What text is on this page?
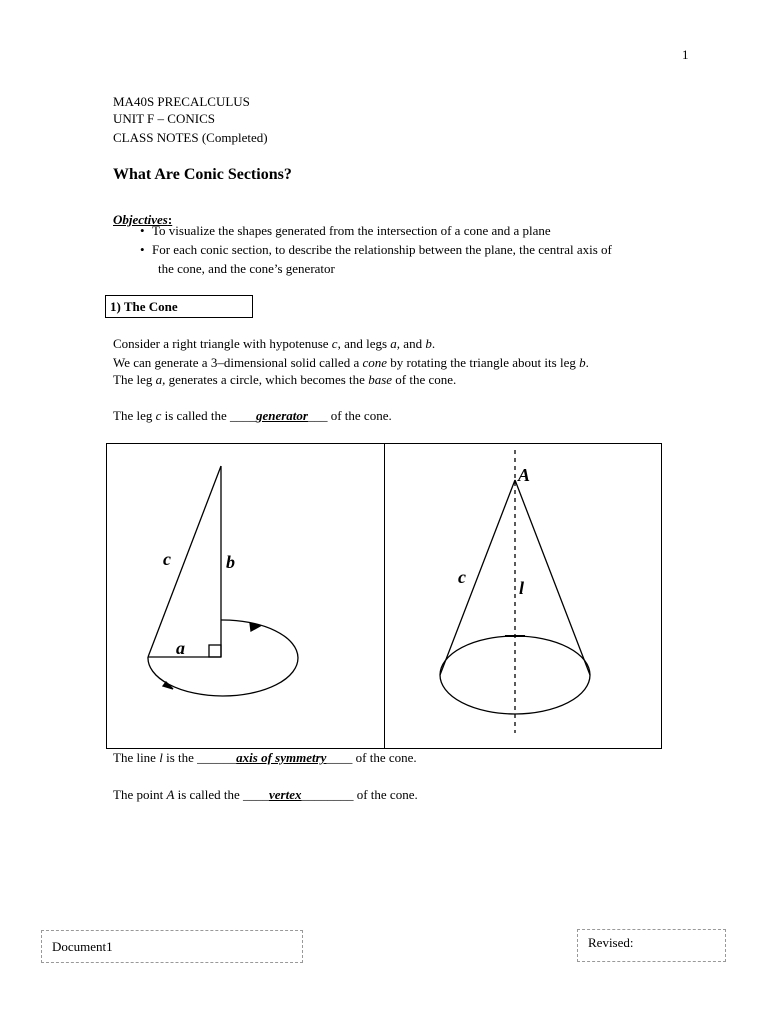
1
MA40S PRECALCULUS
UNIT F – CONICS
CLASS NOTES (Completed)
What Are Conic Sections?
Objectives:
• To visualize the shapes generated from the intersection of a cone and a plane
• For each conic section, to describe the relationship between the plane, the central axis of
the cone, and the cone’s generator
1) The Cone
Consider a right triangle with hypotenuse c, and legs a, and b.
We can generate a 3–dimensional solid called a cone by rotating the triangle about its leg b.
The leg a, generates a circle, which becomes the base of the cone.
The leg c is called the ____generator___ of the cone.
c	b
a
A
c
l
The line l is the ______axis of symmetry____ of the cone.
The point A is called the ____vertex________ of the cone.
Document1	Revised:
